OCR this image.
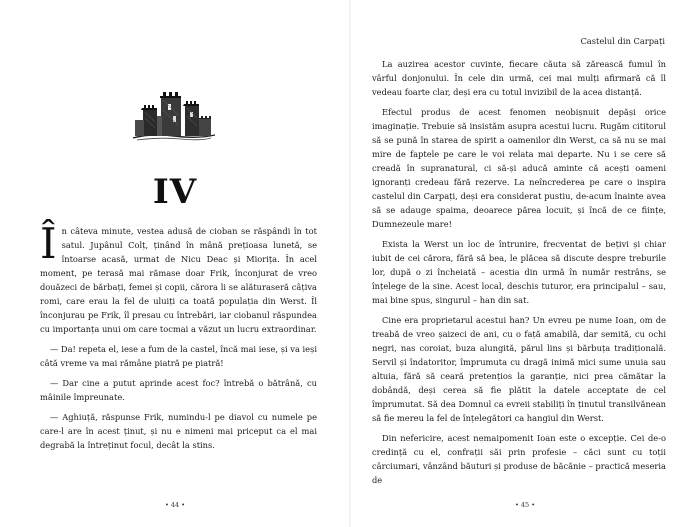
IV

În câteva minute, vestea adusă de cioban se răspândi în tot satul. Jupânul Colț, ținând în mână prețioasa lunetă, se întoarse acasă, urmat de Nicu Deac și Miorița. În acel moment, pe terasă mai rămase doar Frik, înconjurat de vreo douăzeci de bărbați, femei și copii, cărora li se alăturaseră câțiva romi, care erau la fel de uluiți ca toată populația din Werst. Îl înconjurau pe Frik, îl presau cu întrebări, iar ciobanul răspundea cu importanța unui om care tocmai a văzut un lucru extraordinar.

— Da! repeta el, iese a fum de la castel, încă mai iese, și va ieși câtă vreme va mai rămâne piatră pe piatră!

— Dar cine a putut aprinde acest foc? întrebă o bătrână, cu mâinile împreunate.

— Aghiuță, răspunse Frik, numindu-l pe diavol cu numele pe care-l are în acest ținut, și nu e nimeni mai priceput ca el mai degrabă la întreținut focul, decât la stins.

Castelul din Carpați

La auzirea acestor cuvinte, fiecare căuta să zărească fumul în vârful donjonului. În cele din urmă, cei mai mulți afirmară că îl vedeau foarte clar, deși era cu totul invizibil de la acea distanță.

Efectul produs de acest fenomen neobișnuit depăși orice imaginație. Trebuie să insistăm asupra acestui lucru. Rugăm cititorul să se pună în starea de spirit a oamenilor din Werst, ca să nu se mai mire de faptele pe care le voi relata mai departe. Nu i se cere să creadă în supranatural, ci să-și aducă aminte că acești oameni ignoranți credeau fără rezerve. La neîncrederea pe care o inspira castelul din Carpați, deși era considerat pustiu, de-acum înainte avea să se adauge spaima, deoarece părea locuit, și încă de ce ființe, Dumnezeule mare!

Exista la Werst un loc de întrunire, frecventat de bețivi și chiar iubit de cei cărora, fără să bea, le plăcea să discute despre treburile lor, după o zi încheiată – acestia din urmă în număr restrâns, se înțelege de la sine. Acest local, deschis tuturor, era principalul – sau, mai bine spus, singurul – han din sat.

Cine era proprietarul acestui han? Un evreu pe nume Ioan, om de treabă de vreo șaizeci de ani, cu o față amabilă, dar semită, cu ochi negri, nas coroiat, buza alungită, părul lins și bărbuța tradițională. Servil și îndatoritor, împrumuta cu dragă inimă mici sume unuia sau altuia, fără să ceară pretențios la garanție, nici prea cămătar la dobândă, deși cerea să fie plătit la datele acceptate de cel împrumutat. Să dea Domnul ca evreii stabiliți în ținutul transilvănean să fie mereu la fel de înțelegători ca hangiul din Werst.

Din nefericire, acest nemaipomenit Ioan este o excepție. Cei de-o credință cu el, confrații săi prin profesie – căci sunt cu toții cârciumari, vânzând băuturi și produse de băcănie – practică meseria de

• 44 •	• 45 •
